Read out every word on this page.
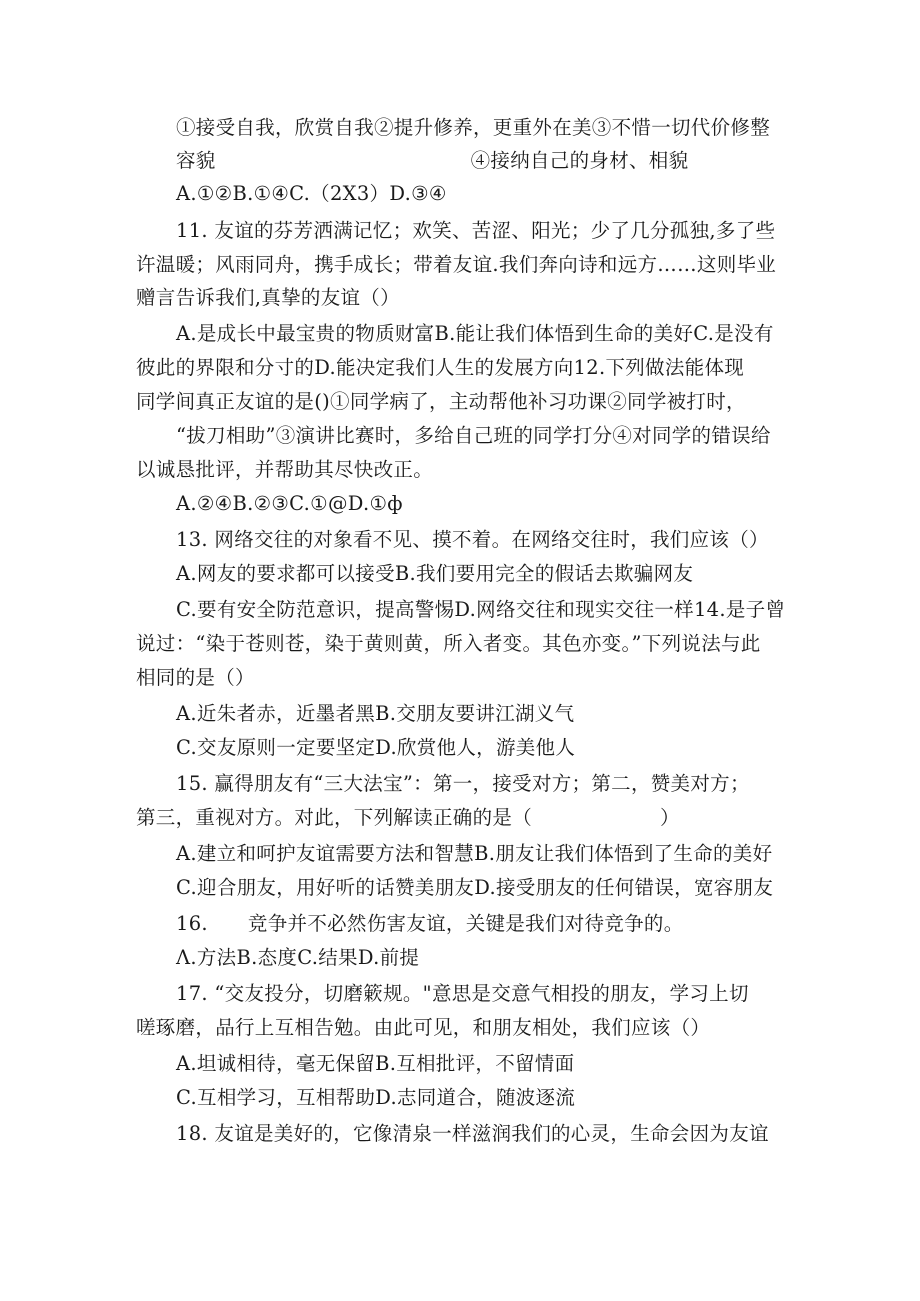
①接受自我，欣赏自我②提升修养，更重外在美③不惜一切代价修整
容貌	④接纳自己的身材、相貌
A.①②B.①④C.（2X3）D.③④
11. 友谊的芬芳洒满记忆；欢笑、苦涩、阳光；少了几分孤独,多了些
许温暖；风雨同舟，携手成长；带着友谊.我们奔向诗和远方……这则毕业
赠言告诉我们,真挚的友谊（）
A.是成长中最宝贵的物质财富B.能让我们体悟到生命的美好C.是没有
彼此的界限和分寸的D.能决定我们人生的发展方向12.下列做法能体现
同学间真正友谊的是()①同学病了，主动帮他补习功课②同学被打时，
“拔刀相助”③演讲比赛时，多给自己班的同学打分④对同学的错误给
以诚恳批评，并帮助其尽快改正。
A.②④B.②③C.①@D.①ф
13. 网络交往的对象看不见、摸不着。在网络交往时，我们应该（）
A.网友的要求都可以接受B.我们要用完全的假话去欺骗网友
C.要有安全防范意识，提高警惕D.网络交往和现实交往一样14.是子曾
说过：“染于苍则苍，染于黄则黄，所入者变。其色亦变。”下列说法与此
相同的是（）
A.近朱者赤，近墨者黑B.交朋友要讲江湖义气
C.交友原则一定要坚定D.欣赏他人，游美他人
15. 赢得朋友有“三大法宝”：第一，接受对方；第二，赞美对方；
第三，重视对方。对此，下列解读正确的是（	）
A.建立和呵护友谊需要方法和智慧B.朋友让我们体悟到了生命的美好
C.迎合朋友，用好听的话赞美朋友D.接受朋友的任何错误，宽容朋友
16. 竞争并不必然伤害友谊，关键是我们对待竞争的。
Λ.方法B.态度C.结果D.前提
17. “交友投分，切磨簌规。"意思是交意气相投的朋友，学习上切
嗟琢磨，品行上互相告勉。由此可见，和朋友相处，我们应该（）
A.坦诚相待，毫无保留B.互相批评，不留情面
C.互相学习，互相帮助D.志同道合，随波逐流
18. 友谊是美好的，它像清泉一样滋润我们的心灵，生命会因为友谊
